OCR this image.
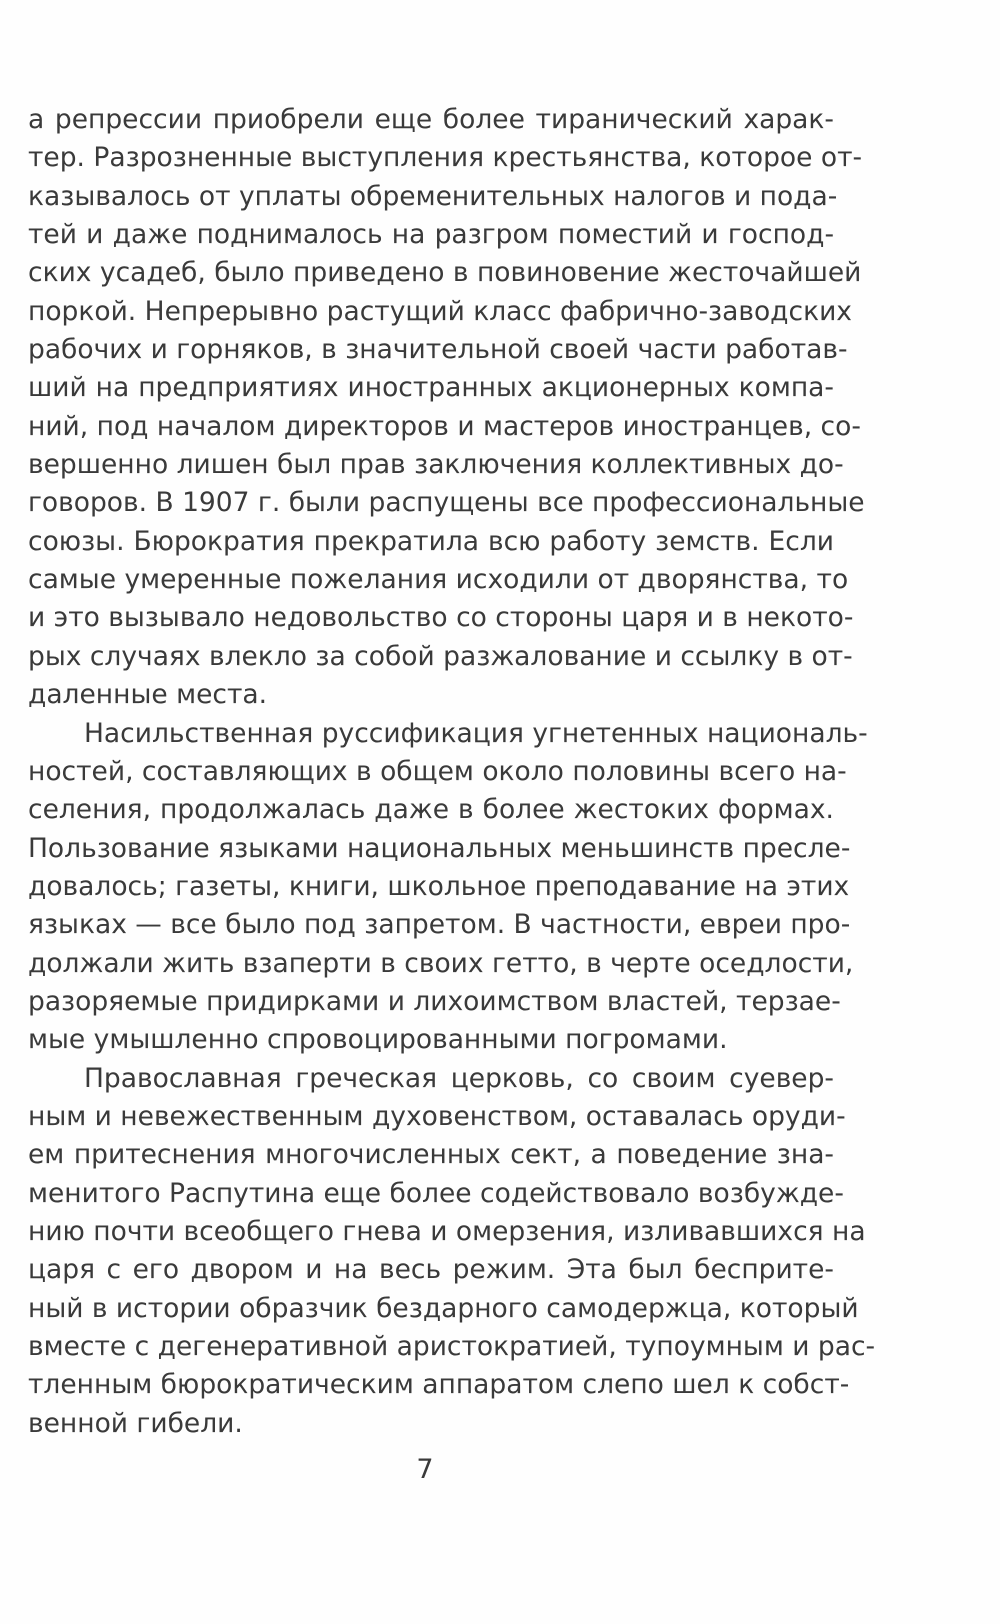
а репрессии приобрели еще более тиранический харак-
тер. Разрозненные выступления крестьянства, которое от-
казывалось от уплаты обременительных налогов и пода-
тей и даже поднималось на разгром поместий и господ-
ских усадеб, было приведено в повиновение жесточайшей
поркой. Непрерывно растущий класс фабрично-заводских
рабочих и горняков, в значительной своей части работав-
ший на предприятиях иностранных акционерных компа-
ний, под началом директоров и мастеров иностранцев, со-
вершенно лишен был прав заключения коллективных до-
говоров. В 1907 г. были распущены все профессиональные
союзы. Бюрократия прекратила всю работу земств. Если
самые умеренные пожелания исходили от дворянства, то
и это вызывало недовольство со стороны царя и в некото-
рых случаях влекло за собой разжалование и ссылку в от-
даленные места.
Насильственная руссификация угнетенных националь-
ностей, составляющих в общем около половины всего на-
селения, продолжалась даже в более жестоких формах.
Пользование языками национальных меньшинств пресле-
довалось; газеты, книги, школьное преподавание на этих
языках — все было под запретом. В частности, евреи про-
должали жить взаперти в своих гетто, в черте оседлости,
разоряемые придирками и лихоимством властей, терзае-
мые умышленно спровоцированными погромами.
Православная греческая церковь, со своим суевер-
ным и невежественным духовенством, оставалась оруди-
ем притеснения многочисленных сект, а поведение зна-
менитого Распутина еще более содействовало возбужде-
нию почти всеобщего гнева и омерзения, изливавшихся на
царя с его двором и на весь режим. Эта был бесприте-
ный в истории образчик бездарного самодержца, который
вместе с дегенеративной аристократией, тупоумным и рас-
тленным бюрократическим аппаратом слепо шел к собст-
венной гибели.
7
